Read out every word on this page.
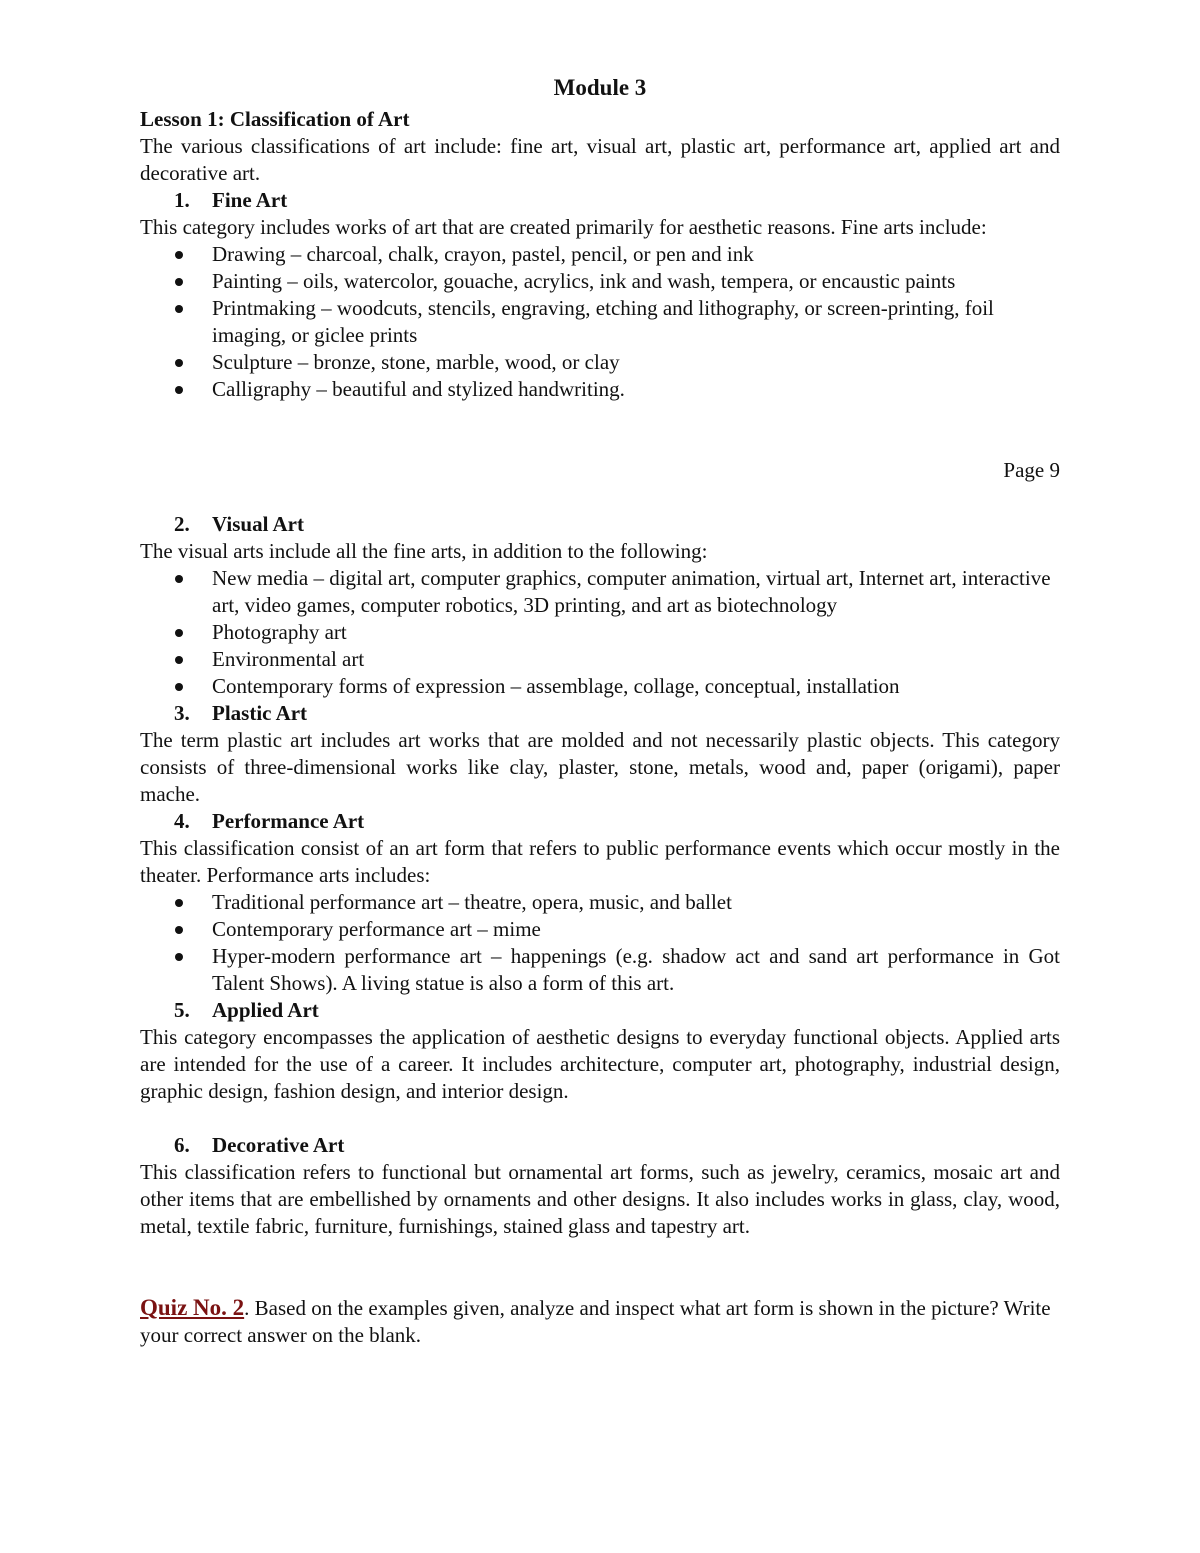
Module 3

Lesson 1: Classification of Art

The various classifications of art include: fine art, visual art, plastic art, performance art, applied art and decorative art.

1. Fine Art

This category includes works of art that are created primarily for aesthetic reasons. Fine arts include:

Drawing – charcoal, chalk, crayon, pastel, pencil, or pen and ink
Painting – oils, watercolor, gouache, acrylics, ink and wash, tempera, or encaustic paints
Printmaking – woodcuts, stencils, engraving, etching and lithography, or screen-printing, foil imaging, or giclee prints
Sculpture – bronze, stone, marble, wood, or clay
Calligraphy – beautiful and stylized handwriting.
Page 9
2. Visual Art

The visual arts include all the fine arts, in addition to the following:

New media – digital art, computer graphics, computer animation, virtual art, Internet art, interactive art, video games, computer robotics, 3D printing, and art as biotechnology
Photography art
Environmental art
Contemporary forms of expression – assemblage, collage, conceptual, installation
3. Plastic Art

The term plastic art includes art works that are molded and not necessarily plastic objects. This category consists of three-dimensional works like clay, plaster, stone, metals, wood and, paper (origami), paper mache.

4. Performance Art

This classification consist of an art form that refers to public performance events which occur mostly in the theater. Performance arts includes:

Traditional performance art – theatre, opera, music, and ballet
Contemporary performance art – mime
Hyper-modern performance art – happenings (e.g. shadow act and sand art performance in Got Talent Shows). A living statue is also a form of this art.
5. Applied Art

This category encompasses the application of aesthetic designs to everyday functional objects. Applied arts are intended for the use of a career. It includes architecture, computer art, photography, industrial design, graphic design, fashion design, and interior design.

6. Decorative Art

This classification refers to functional but ornamental art forms, such as jewelry, ceramics, mosaic art and other items that are embellished by ornaments and other designs. It also includes works in glass, clay, wood, metal, textile fabric, furniture, furnishings, stained glass and tapestry art.

Quiz No. 2. Based on the examples given, analyze and inspect what art form is shown in the picture? Write your correct answer on the blank.
